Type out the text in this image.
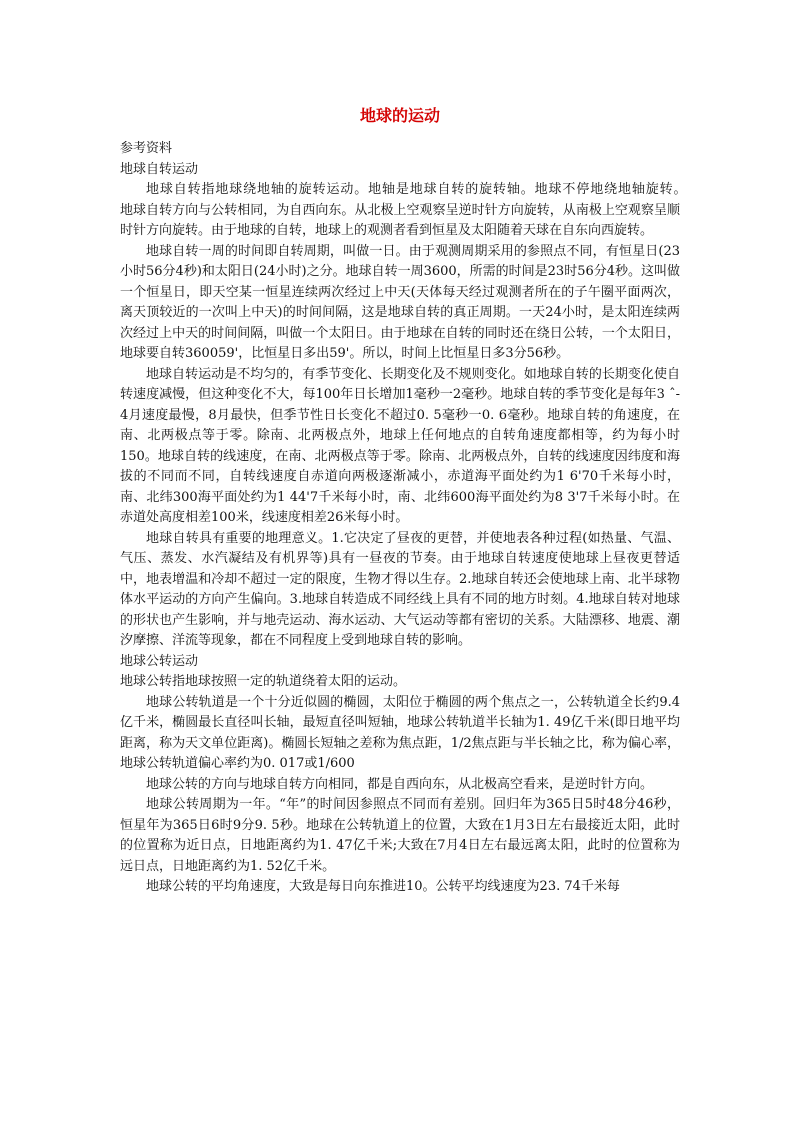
地球的运动

参考资料

地球自转运动

地球自转指地球绕地轴的旋转运动。地轴是地球自转的旋转轴。地球不停地绕地轴旋转。　　地球自转方向与公转相同，为自西向东。从北极上空观察呈逆时针方向旋转，从南极上空观察呈顺时针方向旋转。由于地球的自转，地球上的观测者看到恒星及太阳随着天球在自东向西旋转。

地球自转一周的时间即自转周期，叫做一日。由于观测周期采用的参照点不同，有恒星日(23小时56分4秒)和太阳日(24小时)之分。地球自转一周3600，所需的时间是23时56分4秒。这叫做一个恒星日，即天空某一恒星连续两次经过上中天(天体每天经过观测者所在的子午圈平面两次，离天顶较近的一次叫上中天)的时间间隔，这是地球自转的真正周期。一天24小时，是太阳连续两次经过上中天的时间间隔，叫做一个太阳日。由于地球在自转的同时还在绕日公转，一个太阳日，地球要自转360059'，比恒星日多出59'。所以，时间上比恒星日多3分56秒。

地球自转运动是不均匀的，有季节变化、长期变化及不规则变化。如地球自转的长期变化使自转速度减慢，但这种变化不大，每100年日长增加1毫秒一2毫秒。地球自转的季节变化是每年3 ˆ- 4月速度最慢，8月最快，但季节性日长变化不超过0. 5毫秒一0. 6毫秒。地球自转的角速度，在南、北两极点等于零。除南、北两极点外，地球上任何地点的自转角速度都相等，约为每小时150。地球自转的线速度，在南、北两极点等于零。除南、北两极点外，自转的线速度因纬度和海拔的不同而不同，自转线速度自赤道向两极逐渐减小，赤道海平面处约为1 6'70千米每小时，南、北纬300海平面处约为1 44'7千米每小时，南、北纬600海平面处约为8 3'7千米每小时。在赤道处高度相差100米，线速度相差26米每小时。

地球自转具有重要的地理意义。1.它决定了昼夜的更替，并使地表各种过程(如热量、气温、气压、蒸发、水汽凝结及有机界等)具有一昼夜的节奏。由于地球自转速度使地球上昼夜更替适中，地表增温和冷却不超过一定的限度，生物才得以生存。2.地球自转还会使地球上南、北半球物体水平运动的方向产生偏向。3.地球自转造成不同经线上具有不同的地方时刻。4.地球自转对地球的形状也产生影响，并与地壳运动、海水运动、大气运动等都有密切的关系。大陆漂移、地震、潮汐摩擦、洋流等现象，都在不同程度上受到地球自转的影响。

地球公转运动

地球公转指地球按照一定的轨道绕着太阳的运动。

地球公转轨道是一个十分近似圆的椭圆，太阳位于椭圆的两个焦点之一，公转轨道全长约9.4亿千米，椭圆最长直径叫长轴，最短直径叫短轴，地球公转轨道半长轴为1. 49亿千米(即日地平均距离，称为天文单位距离)。椭圆长短轴之差称为焦点距，1/2焦点距与半长轴之比，称为偏心率，地球公转轨道偏心率约为0. 017或1/600

地球公转的方向与地球自转方向相同，都是自西向东，从北极高空看来，是逆时针方向。

地球公转周期为一年。“年”的时间因参照点不同而有差别。回归年为365日5时48分46秒，恒星年为365日6时9分9. 5秒。地球在公转轨道上的位置，大致在1月3日左右最接近太阳，此时的位置称为近日点，日地距离约为1. 47亿千米;大致在7月4日左右最远离太阳，此时的位置称为远日点，日地距离约为1. 52亿千米。

地球公转的平均角速度，大致是每日向东推进10。公转平均线速度为23. 74千米每
